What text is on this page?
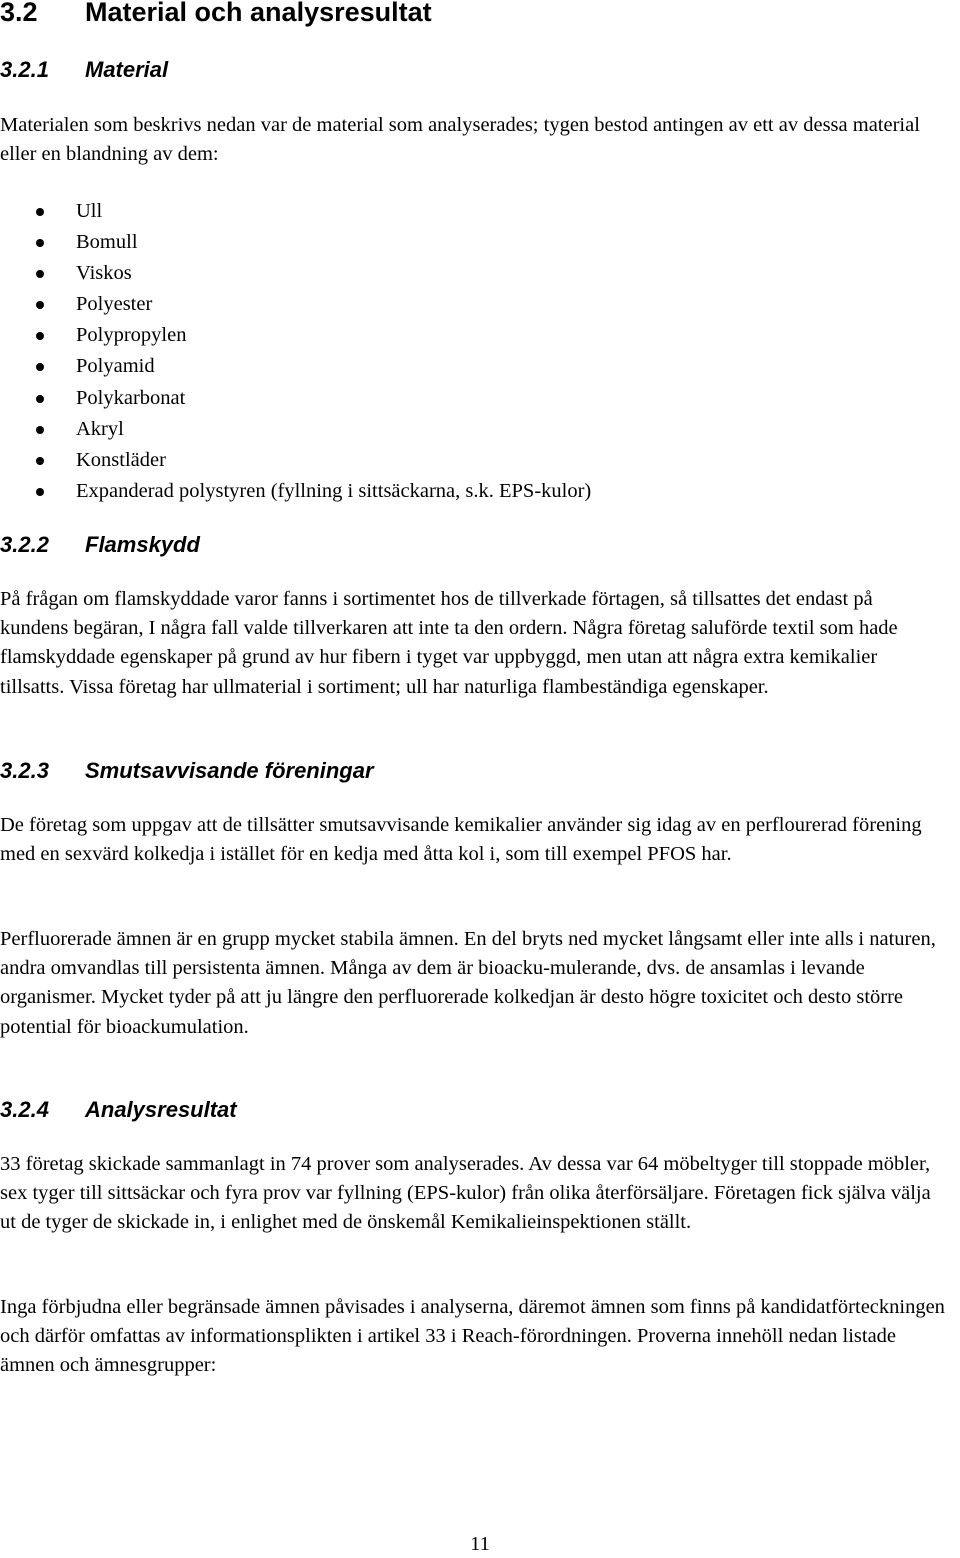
3.2 Material och analysresultat
3.2.1 Material

Materialen som beskrivs nedan var de material som analyserades; tygen bestod antingen av ett av dessa material eller en blandning av dem:

Ull
Bomull
Viskos
Polyester
Polypropylen
Polyamid
Polykarbonat
Akryl
Konstläder
Expanderad polystyren (fyllning i sittsäckarna, s.k. EPS-kulor)
3.2.2 Flamskydd

På frågan om flamskyddade varor fanns i sortimentet hos de tillverkade förtagen, så tillsattes det endast på kundens begäran, I några fall valde tillverkaren att inte ta den ordern. Några företag saluförde textil som hade flamskyddade egenskaper på grund av hur fibern i tyget var uppbyggd, men utan att några extra kemikalier tillsatts. Vissa företag har ullmaterial i sortiment; ull har naturliga flambeständiga egenskaper.

3.2.3 Smutsavvisande föreningar

De företag som uppgav att de tillsätter smutsavvisande kemikalier använder sig idag av en perflourerad förening med en sexvärd kolkedja i istället för en kedja med åtta kol i, som till exempel PFOS har.

Perfluorerade ämnen är en grupp mycket stabila ämnen. En del bryts ned mycket långsamt eller inte alls i naturen, andra omvandlas till persistenta ämnen. Många av dem är bioacku-mulerande, dvs. de ansamlas i levande organismer. Mycket tyder på att ju längre den perfluorerade kolkedjan är desto högre toxicitet och desto större potential för bioackumulation.

3.2.4 Analysresultat

33 företag skickade sammanlagt in 74 prover som analyserades. Av dessa var 64 möbeltyger till stoppade möbler, sex tyger till sittsäckar och fyra prov var fyllning (EPS-kulor) från olika återförsäljare. Företagen fick själva välja ut de tyger de skickade in, i enlighet med de önskemål Kemikalieinspektionen ställt.

Inga förbjudna eller begränsade ämnen påvisades i analyserna, däremot ämnen som finns på kandidatförteckningen och därför omfattas av informationsplikten i artikel 33 i Reach-förordningen. Proverna innehöll nedan listade ämnen och ämnesgrupper:

11
